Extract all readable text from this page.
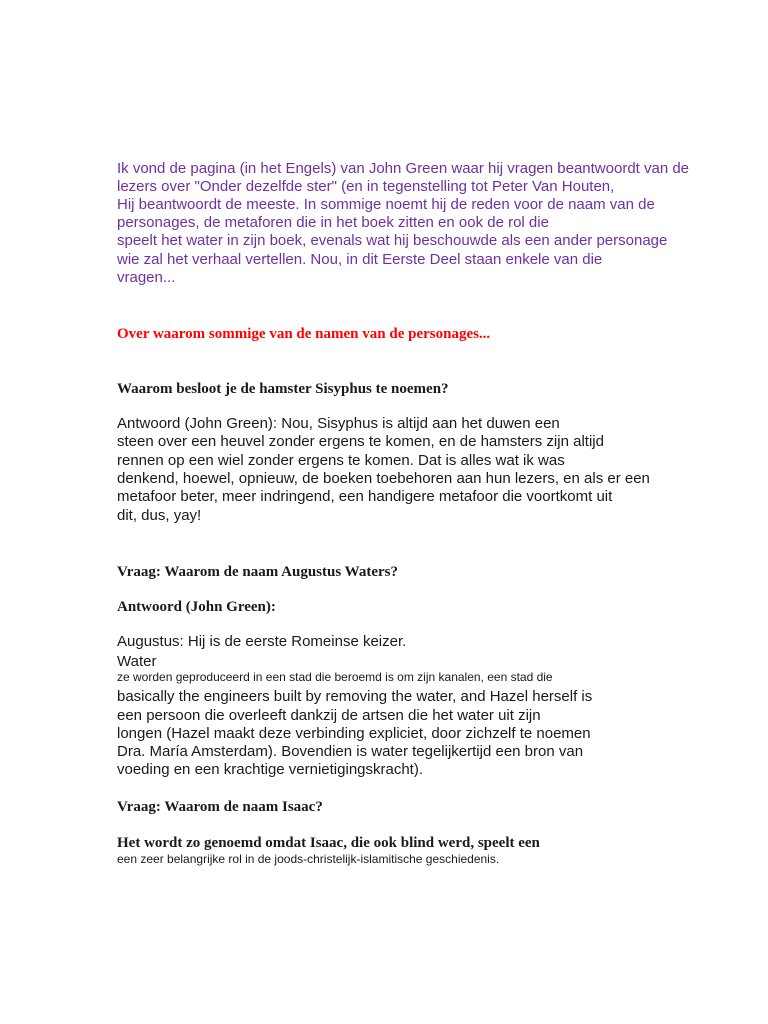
Ik vond de pagina (in het Engels) van John Green waar hij vragen beantwoordt van de
lezers over "Onder dezelfde ster" (en in tegenstelling tot Peter Van Houten,
Hij beantwoordt de meeste. In sommige noemt hij de reden voor de naam van de
personages, de metaforen die in het boek zitten en ook de rol die
speelt het water in zijn boek, evenals wat hij beschouwde als een ander personage
wie zal het verhaal vertellen. Nou, in dit Eerste Deel staan enkele van die
vragen...
Over waarom sommige van de namen van de personages...
Waarom besloot je de hamster Sisyphus te noemen?
Antwoord (John Green): Nou, Sisyphus is altijd aan het duwen een
steen over een heuvel zonder ergens te komen, en de hamsters zijn altijd
rennen op een wiel zonder ergens te komen. Dat is alles wat ik was
denkend, hoewel, opnieuw, de boeken toebehoren aan hun lezers, en als er een
metafoor beter, meer indringend, een handigere metafoor die voortkomt uit
dit, dus, yay!
Vraag: Waarom de naam Augustus Waters?
Antwoord (John Green):
Augustus: Hij is de eerste Romeinse keizer.
Water
ze worden geproduceerd in een stad die beroemd is om zijn kanalen, een stad die
basically the engineers built by removing the water, and Hazel herself is
een persoon die overleeft dankzij de artsen die het water uit zijn
longen (Hazel maakt deze verbinding expliciet, door zichzelf te noemen
Dra. María Amsterdam). Bovendien is water tegelijkertijd een bron van
voeding en een krachtige vernietigingskracht).
Vraag: Waarom de naam Isaac?
Het wordt zo genoemd omdat Isaac, die ook blind werd, speelt een
een zeer belangrijke rol in de joods-christelijk-islamitische geschiedenis.
